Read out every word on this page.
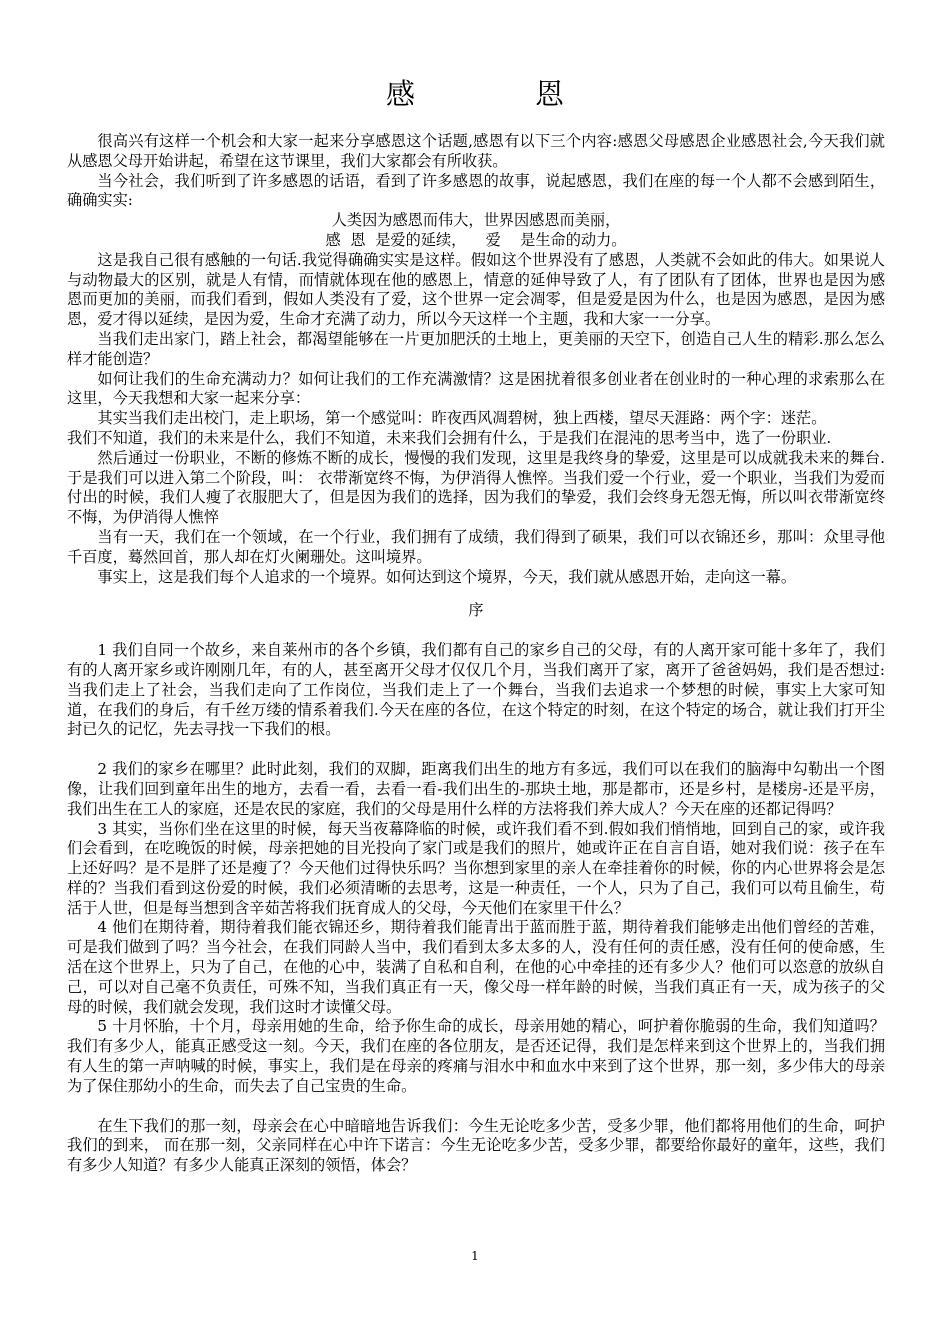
感	恩

很高兴有这样一个机会和大家一起来分享感恩这个话题,感恩有以下三个内容:感恩父母感恩企业感恩社会,今天我们就从感恩父母开始讲起，希望在这节课里，我们大家都会有所收获。

当今社会，我们听到了许多感恩的话语，看到了许多感恩的故事，说起感恩，我们在座的每一个人都不会感到陌生，确确实实:

人类因为感恩而伟大，世界因感恩而美丽，

感  恩  是爱的延续，    爱    是生命的动力。

这是我自己很有感触的一句话.我觉得确确实实是这样。假如这个世界没有了感恩，人类就不会如此的伟大。如果说人与动物最大的区别，就是人有情，而情就体现在他的感恩上，情意的延伸导致了人，有了团队有了团体，世界也是因为感恩而更加的美丽，而我们看到，假如人类没有了爱，这个世界一定会凋零，但是爱是因为什么，也是因为感恩，是因为感恩，爱才得以延续，是因为爱，生命才充满了动力，所以今天这样一个主题，我和大家一一分享。

当我们走出家门，踏上社会，都渴望能够在一片更加肥沃的土地上，更美丽的天空下，创造自己人生的精彩.那么怎么样才能创造？

如何让我们的生命充满动力？如何让我们的工作充满激情？这是困扰着很多创业者在创业时的一种心理的求索那么在这里，今天我想和大家一起来分享：

其实当我们走出校门，走上职场，第一个感觉叫：昨夜西风凋碧树，独上西楼，望尽天涯路：两个字：迷茫。

我们不知道，我们的未来是什么，我们不知道，未来我们会拥有什么，于是我们在混沌的思考当中，选了一份职业.

然后通过一份职业，不断的修炼不断的成长，慢慢的我们发现，这里是我终身的挚爱，这里是可以成就我未来的舞台.于是我们可以进入第二个阶段，叫： 衣带渐宽终不悔，为伊消得人憔悴。当我们爱一个行业，爱一个职业，当我们为爱而付出的时候，我们人瘦了衣服肥大了，但是因为我们的选择，因为我们的挚爱，我们会终身无怨无悔，所以叫衣带渐宽终不悔，为伊消得人憔悴

当有一天，我们在一个领域，在一个行业，我们拥有了成绩，我们得到了硕果，我们可以衣锦还乡，那叫：众里寻他千百度，蓦然回首，那人却在灯火阑珊处。这叫境界。

事实上，这是我们每个人追求的一个境界。如何达到这个境界，今天，我们就从感恩开始，走向这一幕。

序

1 我们自同一个故乡，来自莱州市的各个乡镇，我们都有自己的家乡自己的父母，有的人离开家可能十多年了，我们有的人离开家乡或许刚刚几年，有的人，甚至离开父母才仅仅几个月，当我们离开了家，离开了爸爸妈妈，我们是否想过:当我们走上了社会，当我们走向了工作岗位，当我们走上了一个舞台，当我们去追求一个梦想的时候，事实上大家可知道，在我们的身后，有千丝万缕的情系着我们.今天在座的各位，在这个特定的时刻，在这个特定的场合，就让我们打开尘封已久的记忆，先去寻找一下我们的根。

2 我们的家乡在哪里？此时此刻，我们的双脚，距离我们出生的地方有多远，我们可以在我们的脑海中勾勒出一个图像，让我们回到童年出生的地方，去看一看，去看一看-我们出生的-那块土地，那是都市，还是乡村，是楼房-还是平房，我们出生在工人的家庭，还是农民的家庭，我们的父母是用什么样的方法将我们养大成人？今天在座的还都记得吗？

3 其实，当你们坐在这里的时候，每天当夜幕降临的时候，或许我们看不到.假如我们悄悄地，回到自己的家，或许我们会看到，在吃晚饭的时候，母亲把她的目光投向了家门或是我们的照片，她或许正在自言自语，她对我们说：孩子在车上还好吗？是不是胖了还是瘦了？今天他们过得快乐吗？当你想到家里的亲人在牵挂着你的时候，你的内心世界将会是怎样的？当我们看到这份爱的时候，我们必须清晰的去思考，这是一种责任，一个人，只为了自己，我们可以苟且偷生，苟活于人世，但是每当想到含辛茹苦将我们抚育成人的父母，今天他们在家里干什么？

4 他们在期待着，期待着我们能衣锦还乡，期待着我们能青出于蓝而胜于蓝，期待着我们能够走出他们曾经的苦难，可是我们做到了吗？当今社会，在我们同龄人当中，我们看到太多太多的人，没有任何的责任感，没有任何的使命感，生活在这个世界上，只为了自己，在他的心中，装满了自私和自利，在他的心中牵挂的还有多少人？他们可以恣意的放纵自己，可以对自己毫不负责任，可殊不知，当我们真正有一天，像父母一样年龄的时候，当我们真正有一天，成为孩子的父母的时候，我们就会发现，我们这时才读懂父母。

5 十月怀胎，十个月，母亲用她的生命，给予你生命的成长，母亲用她的精心，呵护着你脆弱的生命，我们知道吗？我们有多少人，能真正感受这一刻。今天，我们在座的各位朋友，是否还记得，我们是怎样来到这个世界上的，当我们拥有人生的第一声呐喊的时候，事实上，我们是在母亲的疼痛与泪水中和血水中来到了这个世界，那一刻，多少伟大的母亲为了保住那幼小的生命，而失去了自己宝贵的生命。

在生下我们的那一刻，母亲会在心中暗暗地告诉我们：今生无论吃多少苦，受多少罪，他们都将用他们的生命，呵护我们的到来， 而在那一刻，父亲同样在心中许下诺言：今生无论吃多少苦，受多少罪，都要给你最好的童年，这些，我们有多少人知道？有多少人能真正深刻的领悟，体会？

1
